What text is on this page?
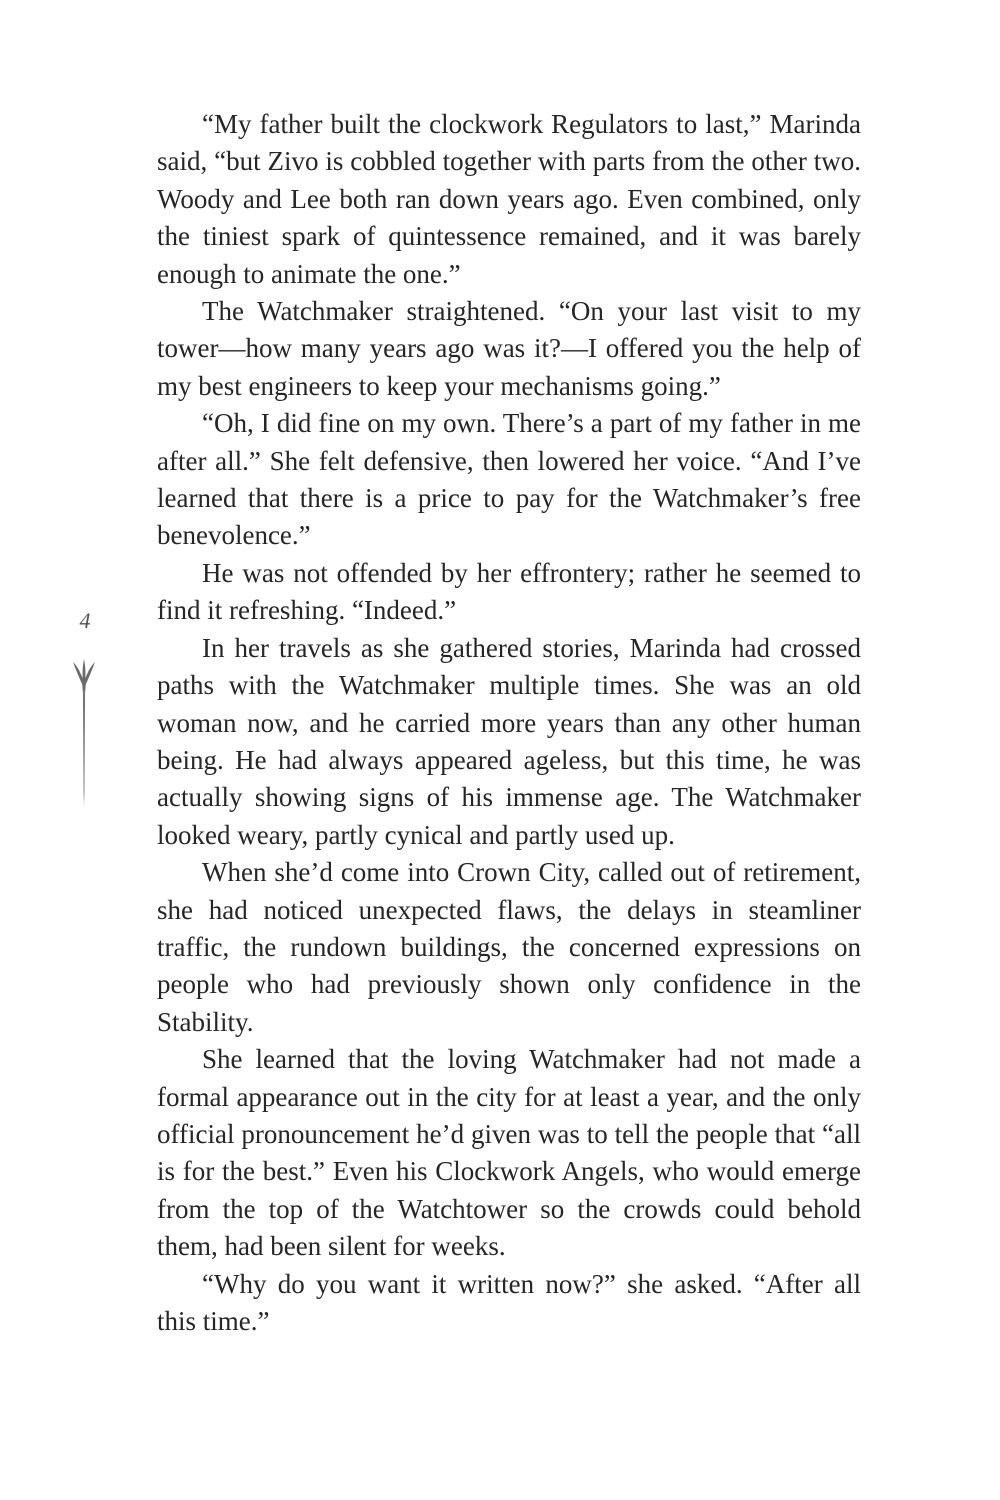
4

“My father built the clockwork Regulators to last,” Marinda said, “but Zivo is cobbled together with parts from the other two. Woody and Lee both ran down years ago. Even combined, only the tiniest spark of quintessence remained, and it was barely enough to animate the one.”

The Watchmaker straightened. “On your last visit to my tower—how many years ago was it?—I offered you the help of my best engineers to keep your mechanisms going.”

“Oh, I did fine on my own. There’s a part of my father in me after all.” She felt defensive, then lowered her voice. “And I’ve learned that there is a price to pay for the Watchmaker’s free benevolence.”

He was not offended by her effrontery; rather he seemed to find it refreshing. “Indeed.”

In her travels as she gathered stories, Marinda had crossed paths with the Watchmaker multiple times. She was an old woman now, and he carried more years than any other human being. He had always appeared ageless, but this time, he was actually showing signs of his immense age. The Watchmaker looked weary, partly cynical and partly used up.

When she’d come into Crown City, called out of retirement, she had noticed unexpected flaws, the delays in steamliner traffic, the rundown buildings, the concerned expressions on people who had previously shown only confidence in the Stability.

She learned that the loving Watchmaker had not made a formal appearance out in the city for at least a year, and the only official pronouncement he’d given was to tell the people that “all is for the best.” Even his Clockwork Angels, who would emerge from the top of the Watchtower so the crowds could behold them, had been silent for weeks.

“Why do you want it written now?” she asked. “After all this time.”
